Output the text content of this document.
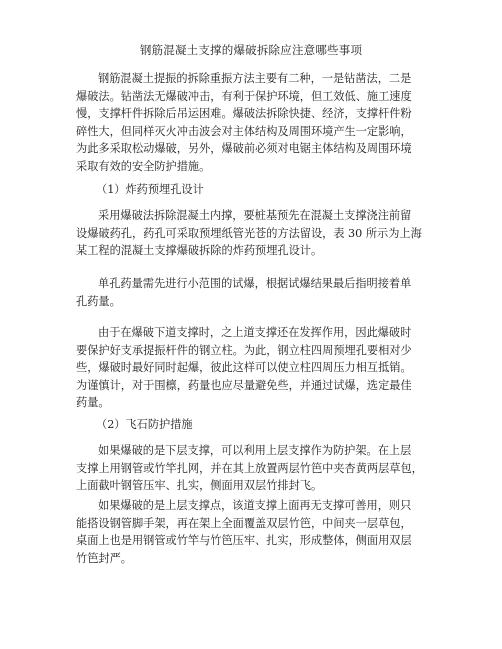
钢筋混凝土支撑的爆破拆除应注意哪些事项
钢筋混凝土提振的拆除重振方法主要有二种，一是钻凿法，二是
爆破法。钻凿法无爆破冲击，有利于保护环境，但工效低、施工速度
慢，支撑杆件拆除后吊运困难。爆破法拆除快捷、经济，支撑杆件粉
碎性大，但同样灭火冲击波会对主体结构及周围环境产生一定影响，
为此多采取松动爆破，另外，爆破前必须对电锯主体结构及周围环境
采取有效的安全防护措施。
（1）炸药预埋孔设计
采用爆破法拆除混凝土内撑，要桩基预先在混凝土支撑浇注前留
设爆破药孔，药孔可采取预埋纸管光苍的方法留设，表 30 所示为上海
某工程的混凝土支撑爆破拆除的炸药预埋孔设计。
单孔药量需先进行小范围的试爆，根据试爆结果最后指明接着单
孔药量。
由于在爆破下道支撑时，之上道支撑还在发挥作用，因此爆破时
要保护好支承提振杆件的钢立柱。为此，钢立柱四周预埋孔要相对少
些，爆破时最好同时起爆，彼此这样可以使立柱四周压力相互抵销。
为谨慎计，对于围檩，药量也应尽量避免些，并通过试爆，选定最佳
药量。
（2）飞石防护措施
如果爆破的是下层支撑，可以利用上层支撑作为防护架。在上层
支撑上用钢管或竹竿扎网，并在其上放置两层竹笆中夹杏黄两层草包，
上面截叶钢管压牢、扎实，侧面用双层竹排封飞。
如果爆破的是上层支撑点，该道支撑上面再无支撑可善用，则只
能搭设钢管脚手架，再在架上全面覆盖双层竹笆，中间夹一层草包，
桌面上也是用钢管或竹竿与竹笆压牢、扎实，形成整体，侧面用双层
竹笆封严。
